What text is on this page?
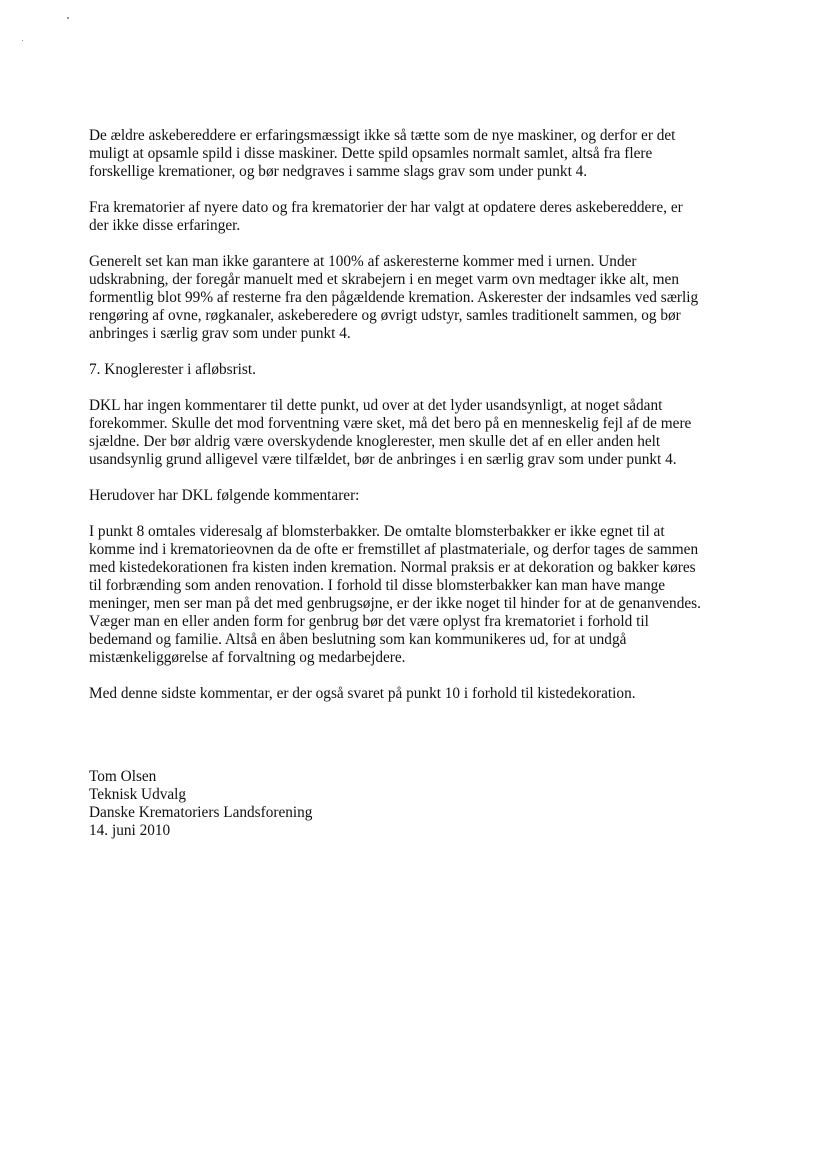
De ældre askebereddere er erfaringsmæssigt ikke så tætte som de nye maskiner, og derfor er det
muligt at opsamle spild i disse maskiner. Dette spild opsamles normalt samlet, altså fra flere
forskellige kremationer, og bør nedgraves i samme slags grav som under punkt 4.

Fra krematorier af nyere dato og fra krematorier der har valgt at opdatere deres askebereddere, er
der ikke disse erfaringer.

Generelt set kan man ikke garantere at 100% af askeresterne kommer med i urnen. Under
udskrabning, der foregår manuelt med et skrabejern i en meget varm ovn medtager ikke alt, men
formentlig blot 99% af resterne fra den pågældende kremation. Askerester der indsamles ved særlig
rengøring af ovne, røgkanaler, askeberedere og øvrigt udstyr, samles traditionelt sammen, og bør
anbringes i særlig grav som under punkt 4.

7. Knoglerester i afløbsrist.

DKL har ingen kommentarer til dette punkt, ud over at det lyder usandsynligt, at noget sådant
forekommer. Skulle det mod forventning være sket, må det bero på en menneskelig fejl af de mere
sjældne. Der bør aldrig være overskydende knoglerester, men skulle det af en eller anden helt
usandsynlig grund alligevel være tilfældet, bør de anbringes i en særlig grav som under punkt 4.

Herudover har DKL følgende kommentarer:

I punkt 8 omtales videresalg af blomsterbakker. De omtalte blomsterbakker er ikke egnet til at
komme ind i krematorieovnen da de ofte er fremstillet af plastmateriale, og derfor tages de sammen
med kistedekorationen fra kisten inden kremation. Normal praksis er at dekoration og bakker køres
til forbrænding som anden renovation. I forhold til disse blomsterbakker kan man have mange
meninger, men ser man på det med genbrugsøjne, er der ikke noget til hinder for at de genanvendes.
Væger man en eller anden form for genbrug bør det være oplyst fra krematoriet i forhold til
bedemand og familie. Altså en åben beslutning som kan kommunikeres ud, for at undgå
mistænkeliggørelse af forvaltning og medarbejdere.

Med denne sidste kommentar, er der også svaret på punkt 10 i forhold til kistedekoration.

Tom Olsen
Teknisk Udvalg
Danske Krematoriers Landsforening
14. juni 2010
